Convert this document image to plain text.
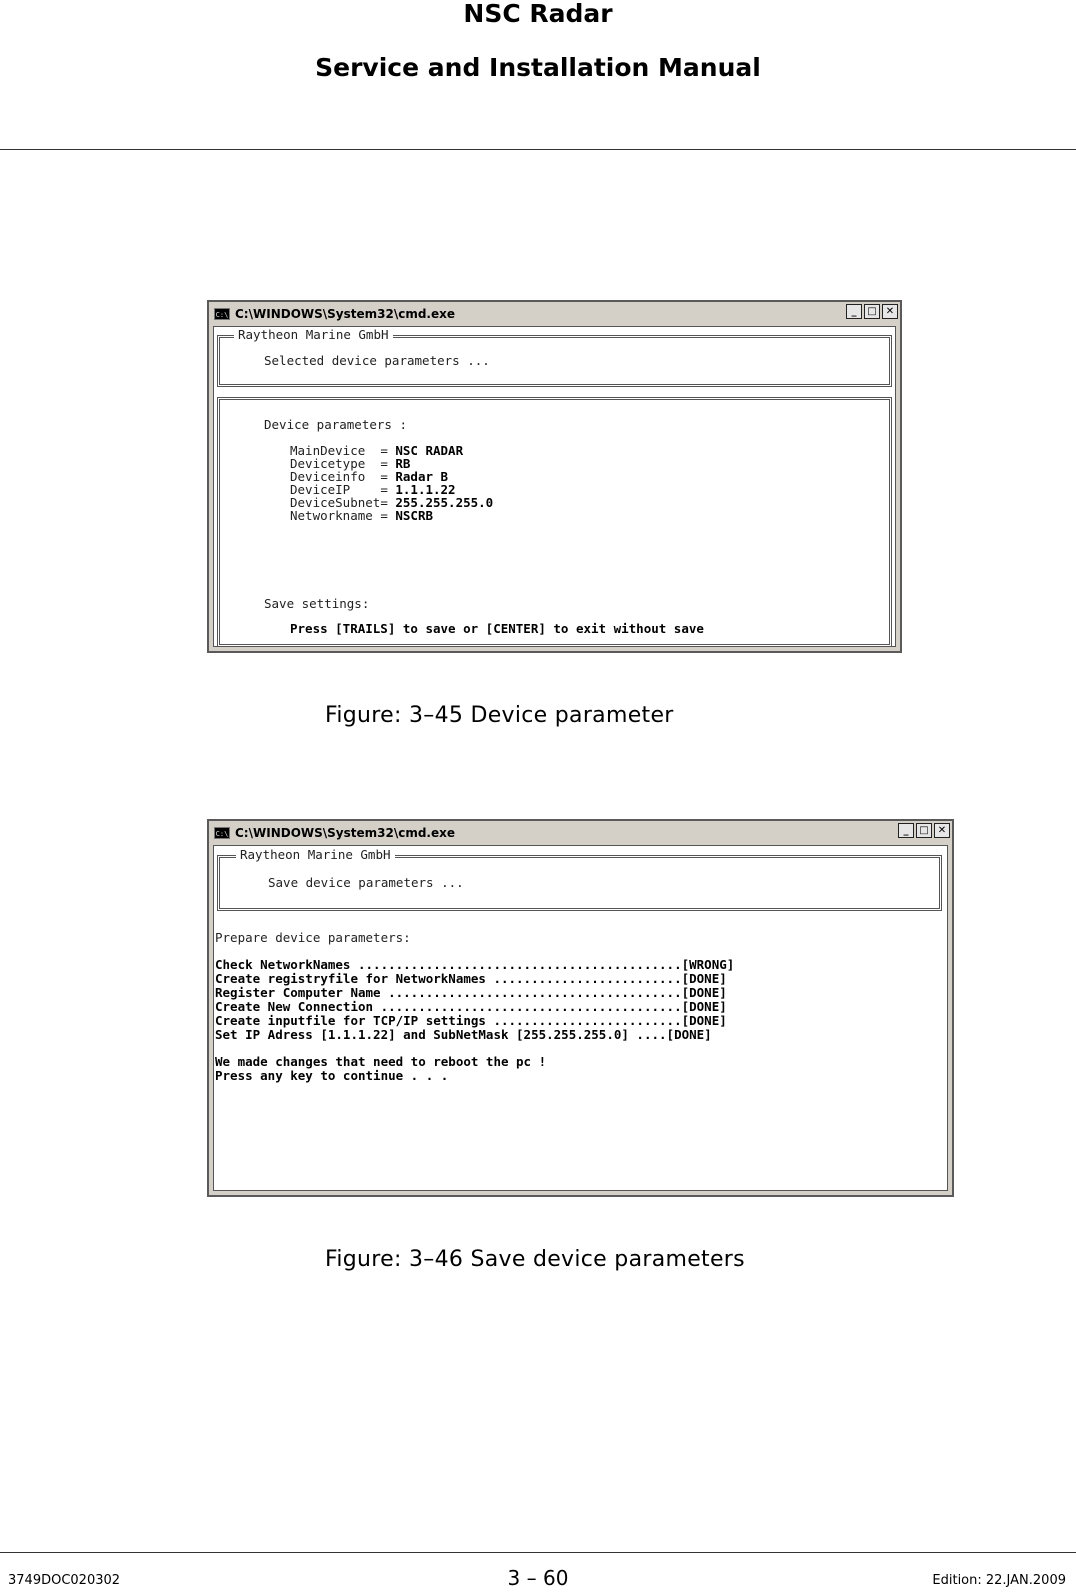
NSC Radar
Service and Installation Manual
C:\ C:\WINDOWS\System32\cmd.exe	_	□ ✕

Raytheon Marine GmbH

Selected device parameters ...

Device parameters :

MainDevice  = NSC RADAR

Devicetype  = RB

Deviceinfo  = Radar B

DeviceIP    = 1.1.1.22

DeviceSubnet= 255.255.255.0

Networkname = NSCRB

Save settings:

Press [TRAILS] to save or [CENTER] to exit without save

Figure: 3–45 Device parameter
C:\ C:\WINDOWS\System32\cmd.exe	_	□ ✕

Raytheon Marine GmbH

Save device parameters ...

Prepare device parameters:

Check NetworkNames ...........................................[WRONG]

Create registryfile for NetworkNames .........................[DONE]

Register Computer Name .......................................[DONE]

Create New Connection ........................................[DONE]

Create inputfile for TCP/IP settings .........................[DONE]

Set IP Adress [1.1.1.22] and SubNetMask [255.255.255.0] ....[DONE]

We made changes that need to reboot the pc !

Press any key to continue . . .

Figure: 3–46 Save device parameters
3749DOC020302	3 – 60	Edition: 22.JAN.2009
